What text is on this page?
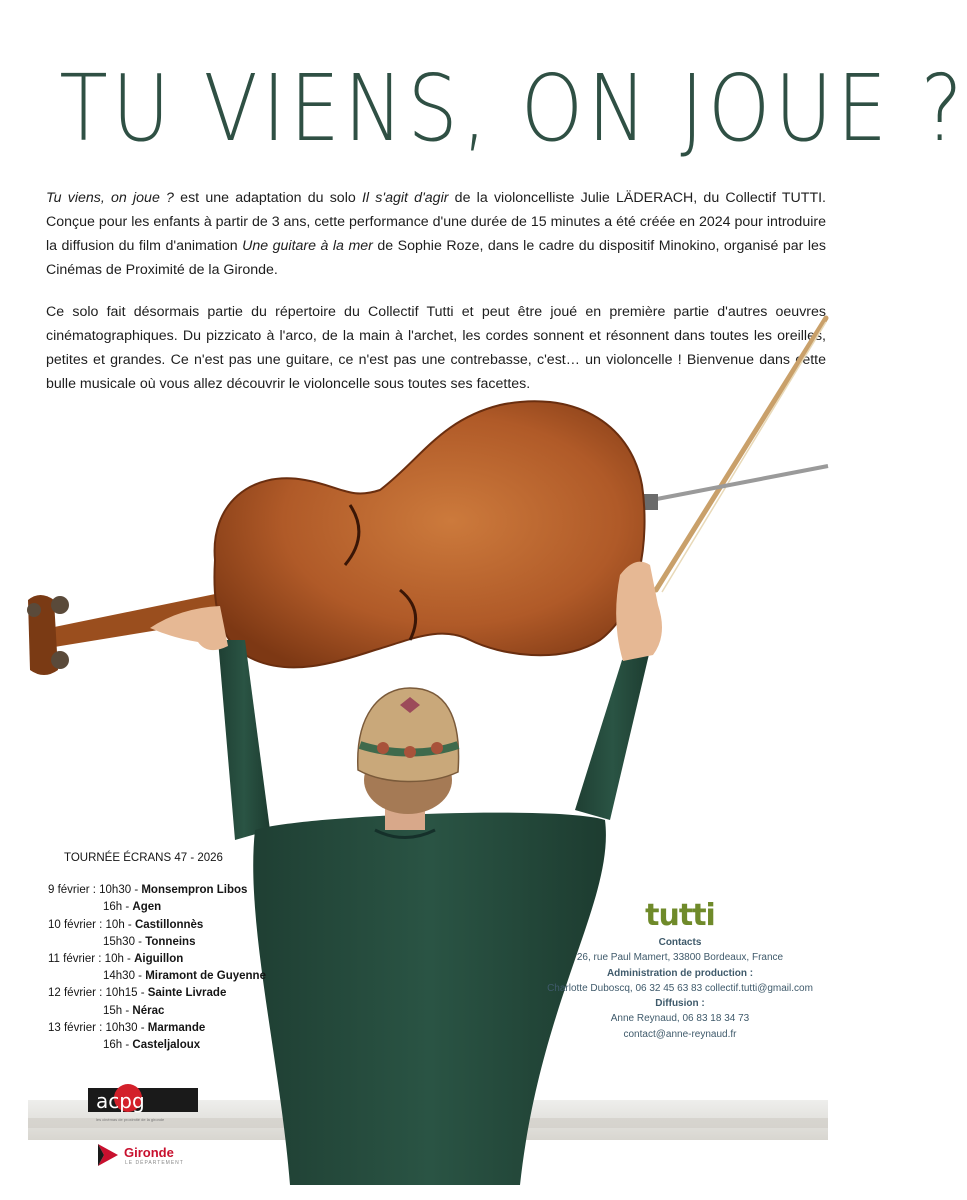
TU VIENS, ON JOUE ?

Tu viens, on joue ? est une adaptation du solo Il s'agit d'agir de la violoncelliste Julie LÄDERACH, du Collectif TUTTI. Conçue pour les enfants à partir de 3 ans, cette performance d'une durée de 15 minutes a été créée en 2024 pour introduire la diffusion du film d'animation Une guitare à la mer de Sophie Roze, dans le cadre du dispositif Minokino, organisé par les Cinémas de Proximité de la Gironde.

Ce solo fait désormais partie du répertoire du Collectif Tutti et peut être joué en première partie d'autres oeuvres cinématographiques. Du pizzicato à l'arco, de la main à l'archet, les cordes sonnent et résonnent dans toutes les oreilles, petites et grandes. Ce n'est pas une guitare, ce n'est pas une contrebasse, c'est… un violoncelle ! Bienvenue dans cette bulle musicale où vous allez découvrir le violoncelle sous toutes ses facettes.

TOURNÉE ÉCRANS 47 - 2026
9 février : 10h30 - Monsempron Libos
16h - Agen
10 février : 10h - Castillonnès
15h30 - Tonneins
11 février : 10h - Aiguillon
14h30 - Miramont de Guyenne
12 février : 10h15 - Sainte Livrade
15h - Nérac
13 février : 10h30 - Marmande
16h - Casteljaloux
tutti
Contacts
26, rue Paul Mamert, 33800 Bordeaux, France
Administration de production :
Charlotte Duboscq, 06 32 45 63 83 collectif.tutti@gmail.com
Diffusion :
Anne Reynaud, 06 83 18 34 73
contact@anne-reynaud.fr
acpg
les cinémas de proximité de la gironde
Gironde
LE DÉPARTEMENT
